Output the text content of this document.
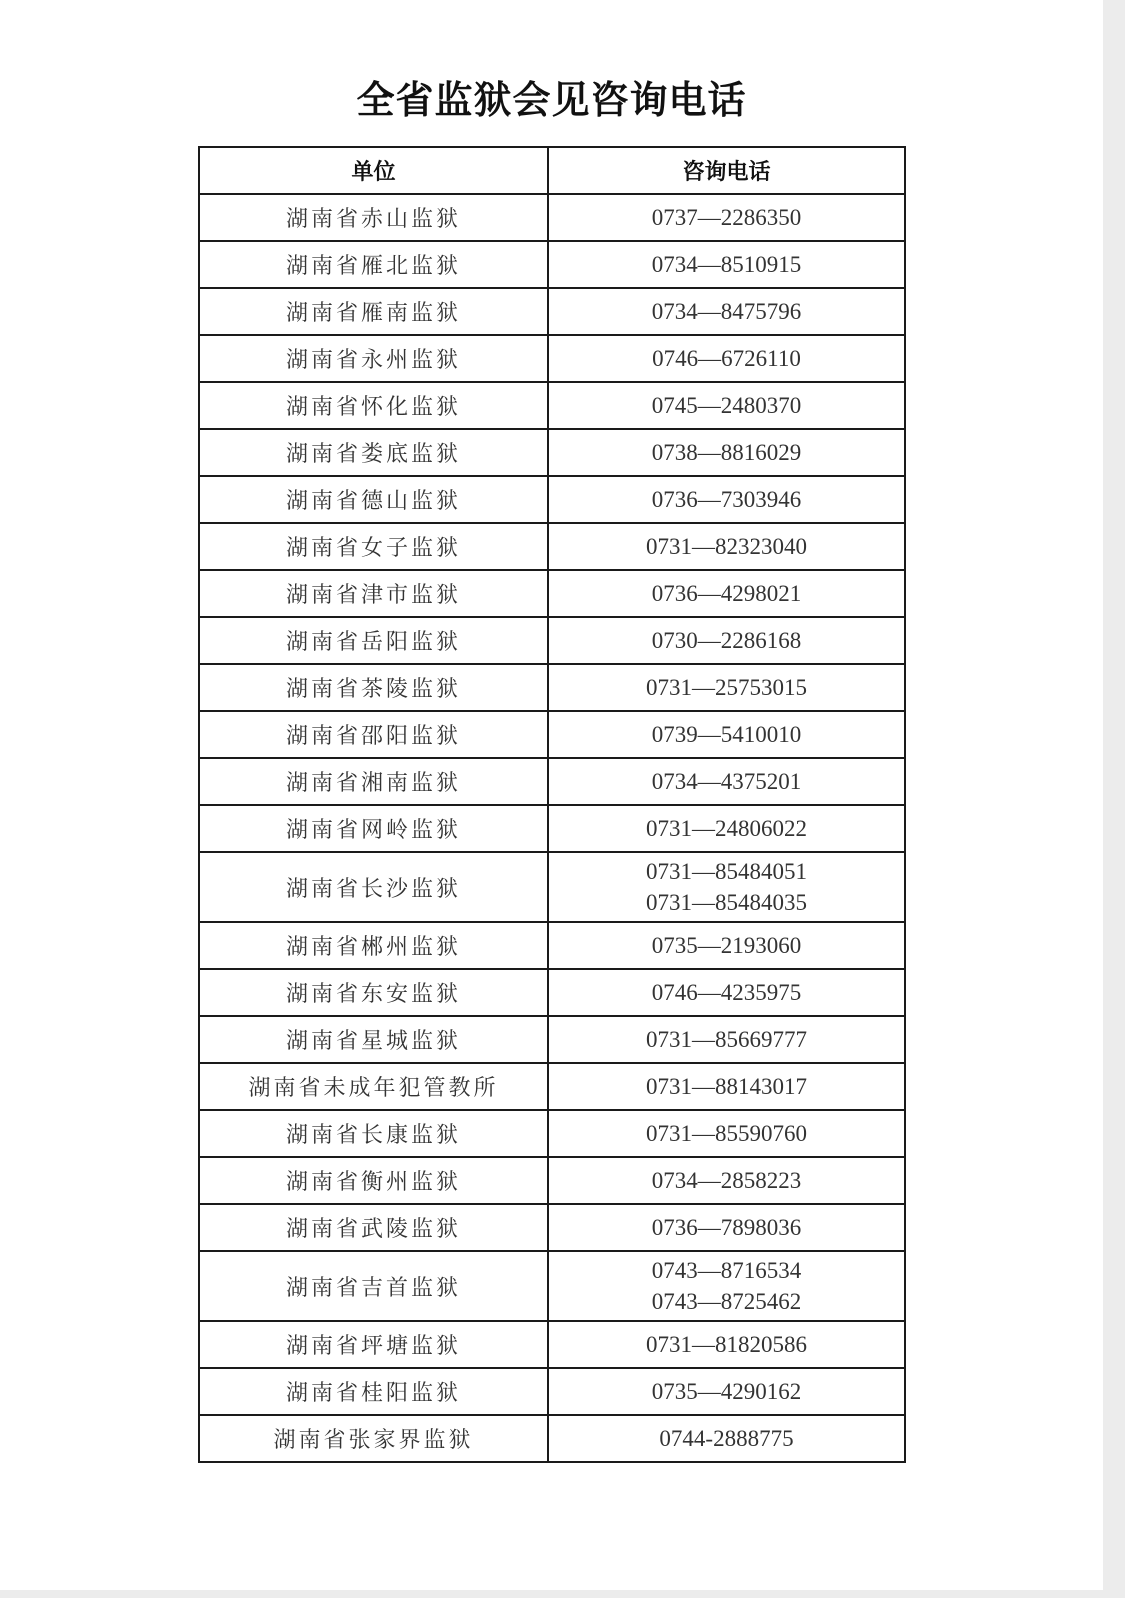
全省监狱会见咨询电话
单位	咨询电话
湖南省赤山监狱	0737—2286350

湖南省雁北监狱	0734—8510915

湖南省雁南监狱	0734—8475796

湖南省永州监狱	0746—6726110

湖南省怀化监狱	0745—2480370

湖南省娄底监狱	0738—8816029

湖南省德山监狱	0736—7303946

湖南省女子监狱	0731—82323040

湖南省津市监狱	0736—4298021

湖南省岳阳监狱	0730—2286168

湖南省茶陵监狱	0731—25753015

湖南省邵阳监狱	0739—5410010

湖南省湘南监狱	0734—4375201

湖南省网岭监狱	0731—24806022

湖南省长沙监狱	0731—85484051
0731—85484035

湖南省郴州监狱	0735—2193060

湖南省东安监狱	0746—4235975

湖南省星城监狱	0731—85669777

湖南省未成年犯管教所	0731—88143017

湖南省长康监狱	0731—85590760

湖南省衡州监狱	0734—2858223

湖南省武陵监狱	0736—7898036

湖南省吉首监狱	0743—8716534
0743—8725462

湖南省坪塘监狱	0731—81820586

湖南省桂阳监狱	0735—4290162

湖南省张家界监狱	0744-2888775
